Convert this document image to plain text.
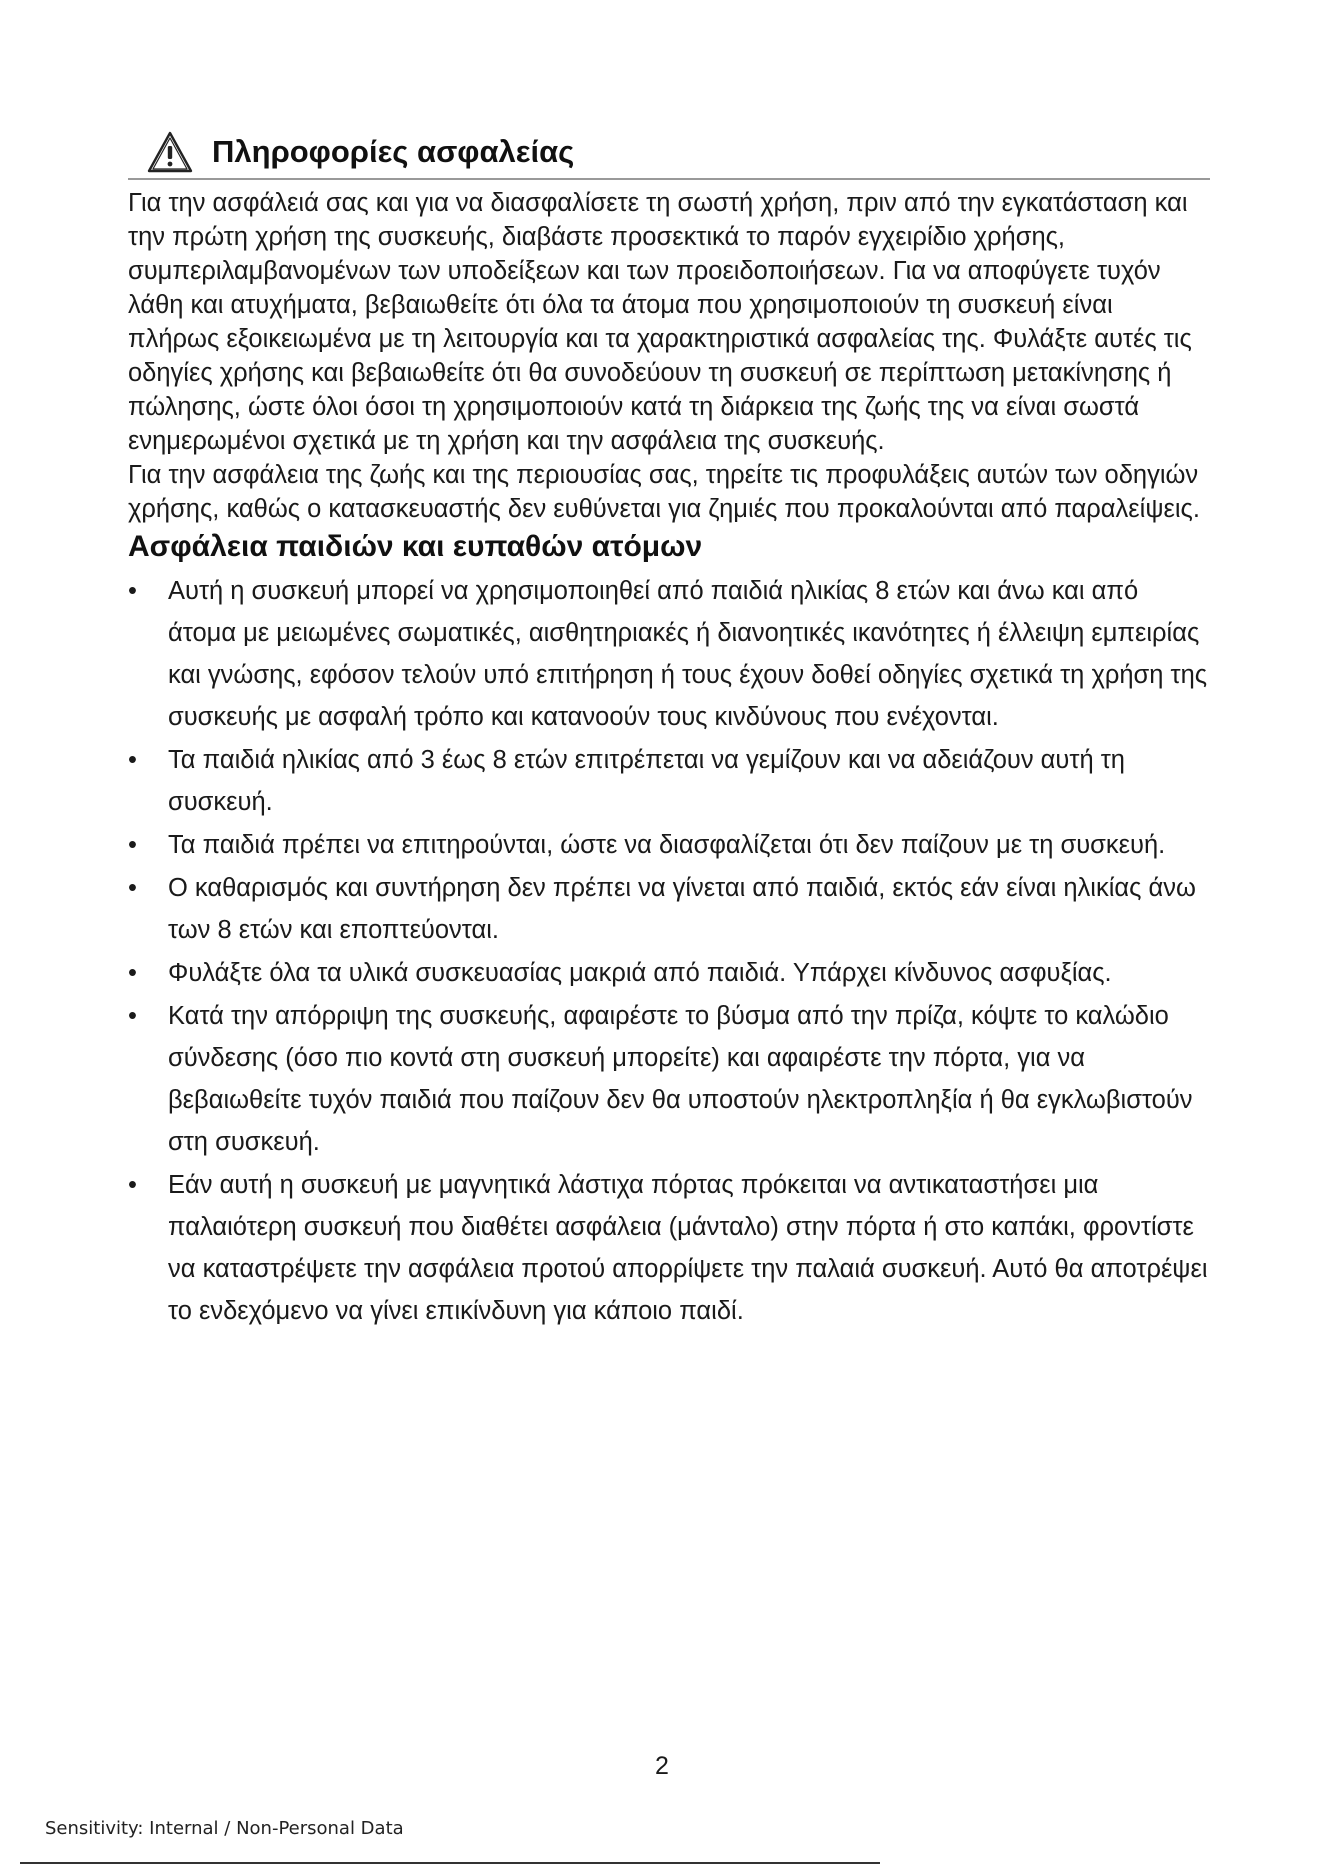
Πληροφορίες ασφαλείας

Για την ασφάλειά σας και για να διασφαλίσετε τη σωστή χρήση, πριν από την εγκατάσταση και την πρώτη χρήση της συσκευής, διαβάστε προσεκτικά το παρόν εγχειρίδιο χρήσης, συμπεριλαμβανομένων των υποδείξεων και των προειδοποιήσεων. Για να αποφύγετε τυχόν λάθη και ατυχήματα, βεβαιωθείτε ότι όλα τα άτομα που χρησιμοποιούν τη συσκευή είναι πλήρως εξοικειωμένα με τη λειτουργία και τα χαρακτηριστικά ασφαλείας της. Φυλάξτε αυτές τις οδηγίες χρήσης και βεβαιωθείτε ότι θα συνοδεύουν τη συσκευή σε περίπτωση μετακίνησης ή πώλησης, ώστε όλοι όσοι τη χρησιμοποιούν κατά τη διάρκεια της ζωής της να είναι σωστά ενημερωμένοι σχετικά με τη χρήση και την ασφάλεια της συσκευής.

Για την ασφάλεια της ζωής και της περιουσίας σας, τηρείτε τις προφυλάξεις αυτών των οδηγιών χρήσης, καθώς ο κατασκευαστής δεν ευθύνεται για ζημιές που προκαλούνται από παραλείψεις.

Ασφάλεια παιδιών και ευπαθών ατόμων
•	Αυτή η συσκευή μπορεί να χρησιμοποιηθεί από παιδιά ηλικίας 8 ετών και άνω και από άτομα με μειωμένες σωματικές, αισθητηριακές ή διανοητικές ικανότητες ή έλλειψη εμπειρίας και γνώσης, εφόσον τελούν υπό επιτήρηση ή τους έχουν δοθεί οδηγίες σχετικά τη χρήση της συσκευής με ασφαλή τρόπο και κατανοούν τους κινδύνους που ενέχονται.
•	Τα παιδιά ηλικίας από 3 έως 8 ετών επιτρέπεται να γεμίζουν και να αδειάζουν αυτή τη συσκευή.
•	Τα παιδιά πρέπει να επιτηρούνται, ώστε να διασφαλίζεται ότι δεν παίζουν με τη συσκευή.
•	Ο καθαρισμός και συντήρηση δεν πρέπει να γίνεται από παιδιά, εκτός εάν είναι ηλικίας άνω των 8 ετών και εποπτεύονται.
•	Φυλάξτε όλα τα υλικά συσκευασίας μακριά από παιδιά. Υπάρχει κίνδυνος ασφυξίας.
•	Κατά την απόρριψη της συσκευής, αφαιρέστε το βύσμα από την πρίζα, κόψτε το καλώδιο σύνδεσης (όσο πιο κοντά στη συσκευή μπορείτε) και αφαιρέστε την πόρτα, για να βεβαιωθείτε τυχόν παιδιά που παίζουν δεν θα υποστούν ηλεκτροπληξία ή θα εγκλωβιστούν στη συσκευή.
•	Εάν αυτή η συσκευή με μαγνητικά λάστιχα πόρτας πρόκειται να αντικαταστήσει μια παλαιότερη συσκευή που διαθέτει ασφάλεια (μάνταλο) στην πόρτα ή στο καπάκι, φροντίστε να καταστρέψετε την ασφάλεια προτού απορρίψετε την παλαιά συσκευή. Αυτό θα αποτρέψει το ενδεχόμενο να γίνει επικίνδυνη για κάποιο παιδί.
2
Sensitivity: Internal / Non-Personal Data
